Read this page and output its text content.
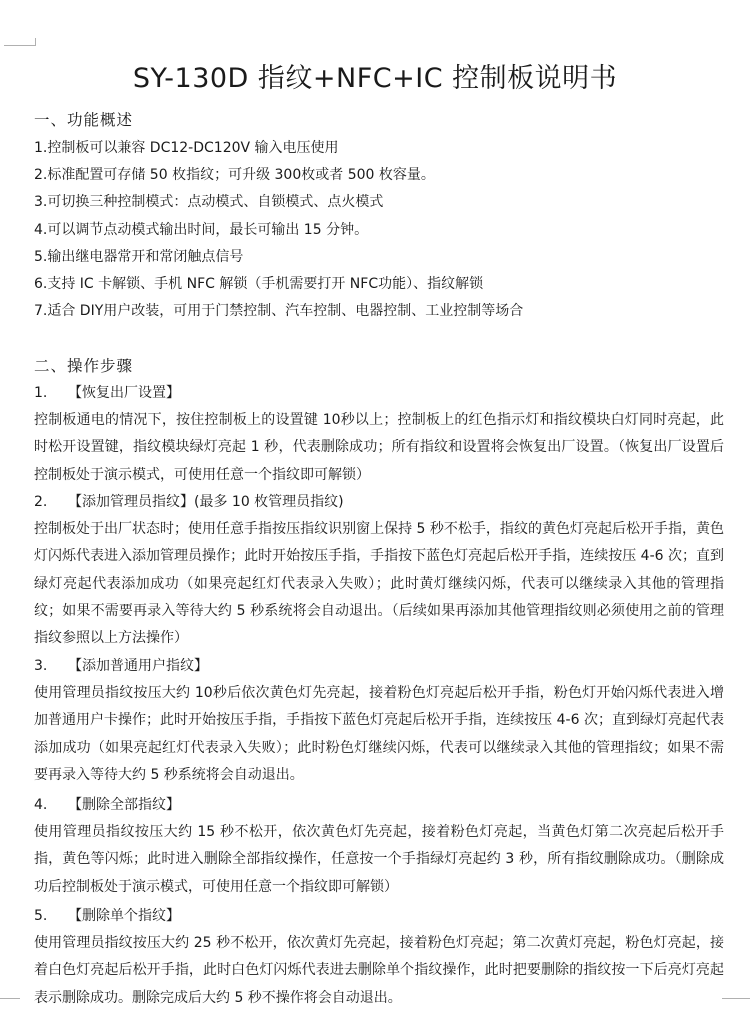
SY-130D 指纹+NFC+IC 控制板说明书
一、功能概述
1.控制板可以兼容 DC12-DC120V 输入电压使用
2.标准配置可存储 50 枚指纹；可升级 300枚或者 500 枚容量。
3.可切换三种控制模式：点动模式、自锁模式、点火模式
4.可以调节点动模式输出时间，最长可输出 15 分钟。
5.输出继电器常开和常闭触点信号
6.支持 IC 卡解锁、手机 NFC 解锁（手机需要打开 NFC功能）、指纹解锁
7.适合 DIY用户改装，可用于门禁控制、汽车控制、电器控制、工业控制等场合
二、操作步骤
1. 【恢复出厂设置】
控制板通电的情况下，按住控制板上的设置键 10秒以上；控制板上的红色指示灯和指纹模块白灯同时亮起，此时松开设置键，指纹模块绿灯亮起 1 秒，代表删除成功；所有指纹和设置将会恢复出厂设置。（恢复出厂设置后控制板处于演示模式，可使用任意一个指纹即可解锁）
2. 【添加管理员指纹】(最多 10 枚管理员指纹)
控制板处于出厂状态时；使用任意手指按压指纹识别窗上保持 5 秒不松手，指纹的黄色灯亮起后松开手指，黄色灯闪烁代表进入添加管理员操作；此时开始按压手指，手指按下蓝色灯亮起后松开手指，连续按压 4-6 次；直到绿灯亮起代表添加成功（如果亮起红灯代表录入失败）；此时黄灯继续闪烁，代表可以继续录入其他的管理指纹；如果不需要再录入等待大约 5 秒系统将会自动退出。（后续如果再添加其他管理指纹则必须使用之前的管理指纹参照以上方法操作）
3. 【添加普通用户指纹】
使用管理员指纹按压大约 10秒后依次黄色灯先亮起，接着粉色灯亮起后松开手指，粉色灯开始闪烁代表进入增加普通用户卡操作；此时开始按压手指，手指按下蓝色灯亮起后松开手指，连续按压 4-6 次；直到绿灯亮起代表添加成功（如果亮起红灯代表录入失败）；此时粉色灯继续闪烁，代表可以继续录入其他的管理指纹；如果不需要再录入等待大约 5 秒系统将会自动退出。
4. 【删除全部指纹】
使用管理员指纹按压大约 15 秒不松开，依次黄色灯先亮起，接着粉色灯亮起，当黄色灯第二次亮起后松开手指，黄色等闪烁；此时进入删除全部指纹操作，任意按一个手指绿灯亮起约 3 秒，所有指纹删除成功。（删除成功后控制板处于演示模式，可使用任意一个指纹即可解锁）
5. 【删除单个指纹】
使用管理员指纹按压大约 25 秒不松开，依次黄灯先亮起，接着粉色灯亮起；第二次黄灯亮起，粉色灯亮起，接着白色灯亮起后松开手指，此时白色灯闪烁代表进去删除单个指纹操作，此时把要删除的指纹按一下后亮灯亮起表示删除成功。删除完成后大约 5 秒不操作将会自动退出。
